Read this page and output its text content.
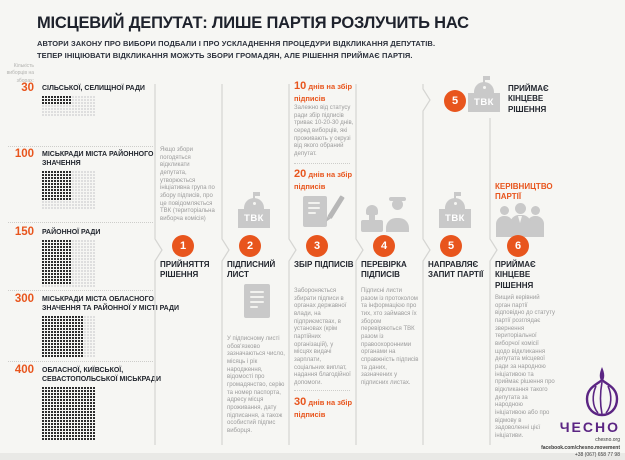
МІСЦЕВИЙ ДЕПУТАТ: ЛИШЕ ПАРТІЯ РОЗЛУЧИТЬ НАС
АВТОРИ ЗАКОНУ ПРО ВИБОРИ ПОДБАЛИ І ПРО УСКЛАДНЕННЯ ПРОЦЕДУРИ ВІДКЛИКАННЯ ДЕПУТАТІВ.
ТЕПЕР ІНІЦІЮВАТИ ВІДКЛИКАННЯ МОЖУТЬ ЗБОРИ ГРОМАДЯН, АЛЕ РІШЕННЯ ПРИЙМАЄ ПАРТІЯ.
Кількість виборців на зборах:
30 СІЛЬСЬКОЇ, СЕЛИЩНОЇ РАДИ
100 МІСЬКРАДИ МІСТА РАЙОННОГО ЗНАЧЕННЯ
150 РАЙОННОЇ РАДИ
300 МІСЬКРАДИ МІСТА ОБЛАСНОГО ЗНАЧЕННЯ ТА РАЙОННОЇ У МІСТІ РАДИ
400 ОБЛАСНОЇ, КИЇВСЬКОЇ, СЕВАСТОПОЛЬСЬКОЇ МІСЬКРАДИ
Якщо збори погодяться відкликати депутата, утворюється ініціативна група по збору підписів, про це повідомляється ТВК (територіальна виборча комісія)
1
ПРИЙНЯТТЯ РІШЕННЯ
ТВК
2
ПІДПИСНИЙ ЛИСТ
У підписному листі обов'язково зазначаються число, місяць і рік народження, відомості про громадянство, серію та номер паспорта, адресу місця проживання, дату підписання, а також особистий підпис виборця.
10 днів на збір підписів
Залежно від статусу ради збір підписів триває 10-20-30 днів, серед виборців, які проживають у окрузі від якого обраний депутат.
20 днів на збір підписів
3
ЗБІР ПІДПИСІВ
Забороняється збирати підписи в органах державної влади, на підприємствах, в установах (крім партійних організацій), у місцях видачі зарплати, соціальних виплат, надання благодійної допомоги.
30 днів на збір підписів
4
ПЕРЕВІРКА ПІДПИСІВ
Підписні листи разом із протоколом та інформацією про тих, хто займався їх збором перевіряються ТВК разом із правоохоронними органами на справжність підписів та даних, зазначених у підписних листах.
5	ТВК
ПРИЙМАЄ КІНЦЕВЕ РІШЕННЯ
ТВК
5
НАПРАВЛЯЄ ЗАПИТ ПАРТІЇ
КЕРІВНИЦТВО ПАРТІЇ
6
ПРИЙМАЄ КІНЦЕВЕ РІШЕННЯ
Вищий керівний орган партії відповідно до статуту партії розглядає звернення територіальної виборчої комісії щодо відкликання депутата місцевої ради за народною ініціативою та приймає рішення про відкликання такого депутата за народною ініціативою або про відмову в задоволенні цієї ініціативи.
ЧЕСНО
chesno.org
facebook.com/chesno.movement
+38 (067) 658 77 98
